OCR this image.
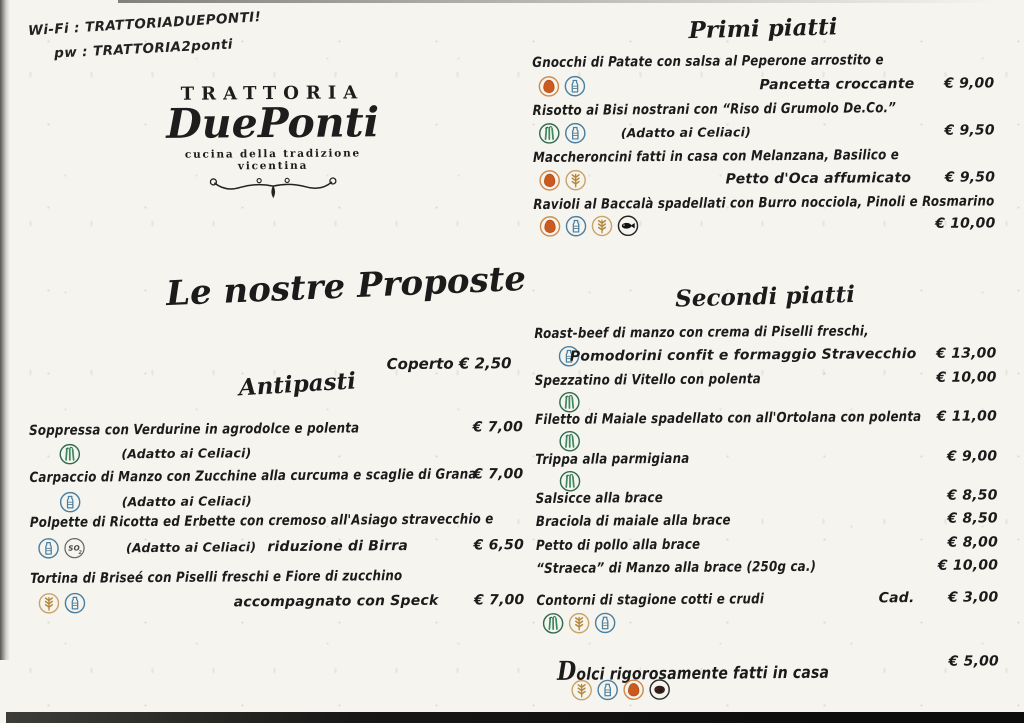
Wi-Fi : TRATTORIADUEPONTI!
pw : TRATTORIA2ponti
TRATTORIA
DuePonti
cucina della tradizione vicentina
Le nostre Proposte
Coperto € 2,50
Antipasti
Soppressa con Verdurine in agrodolce e polenta	€ 7,00
(Adatto ai Celiaci)
Carpaccio di Manzo con Zucchine alla curcuma e scaglie di Grana
€ 7,00
(Adatto ai Celiaci)
Polpette di Ricotta ed Erbette con cremoso all'Asiago stravecchio e
SO
2	(Adatto ai Celiaci) riduzione di Birra	€ 6,50
Tortina di Briseé con Piselli freschi e Fiore di zucchino
accompagnato con Speck	€ 7,00
Primi piatti
Gnocchi di Patate con salsa al Peperone arrostito e
Pancetta croccante € 9,00
Risotto ai Bisi nostrani con “Riso di Grumolo De.Co.”
(Adatto ai Celiaci)	€ 9,50
Maccheroncini fatti in casa con Melanzana, Basilico e
Petto d'Oca affumicato € 9,50
Ravioli al Baccalà spadellati con Burro nocciola, Pinoli e Rosmarino
€ 10,00
Secondi piatti
Roast-beef di manzo con crema di Piselli freschi,
Pomodorini confit e formaggio Stravecchio € 13,00
Spezzatino di Vitello con polenta	€ 10,00
Filetto di Maiale spadellato con all'Ortolana con polenta € 11,00
Trippa alla parmigiana	€ 9,00
Salsicce alla brace	€ 8,50
Braciola di maiale alla brace	€ 8,50
Petto di pollo alla brace	€ 8,00
“Straeca” di Manzo alla brace (250g ca.)	€ 10,00
Contorni di stagione cotti e crudi	Cad. € 3,00
Dolci rigorosamente fatti in casa
€ 5,00
